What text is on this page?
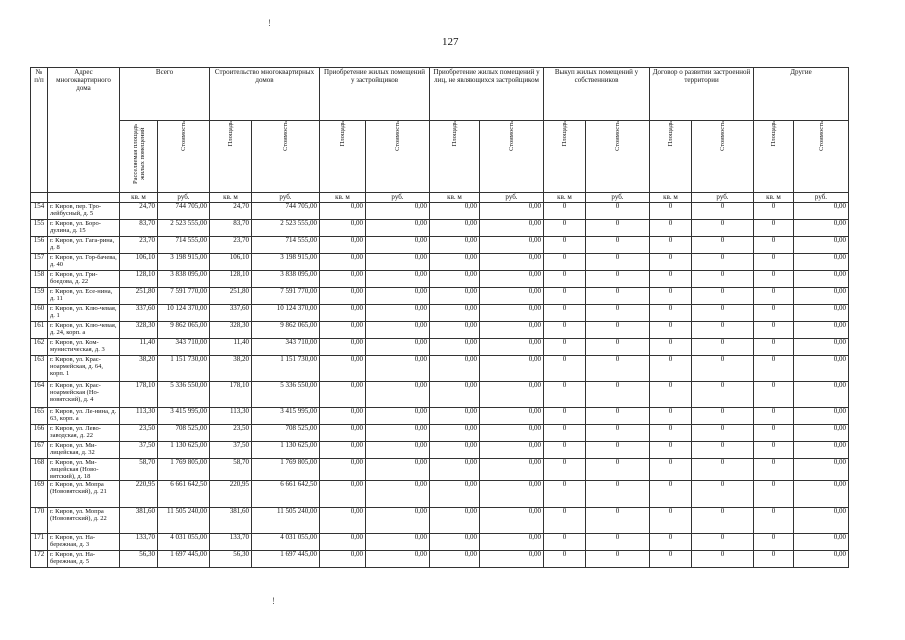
!
127
№ п/п	Адрес многоквартирного дома	Всего		Строительство многоквартирных домов		Приобретение жилых помещений у застройщиков		Приобретение жилых помещений у лиц, не являющихся застройщиком		Выкуп жилых помещений у собственников		Договор о развитии застроенной территории		Другие	
		Расселяемая площадь жилых помещений	Стоимость	Площадь	Стоимость	Площадь	Стоимость	Площадь	Стоимость	Площадь	Стоимость	Площадь	Стоимость	Площадь	Стоимость
		кв. м	руб.	кв. м	руб.	кв. м	руб.	кв. м	руб.	кв. м	руб.	кв. м	руб.	кв. м	руб.
154	г. Киров, пер. Тро-лейбусный, д. 5	24,70	744 705,00	24,70	744 705,00	0,00	0,00	0,00	0,00	0	0	0	0	0	0,00
155	г. Киров, ул. Боро-дулина, д. 15	83,70	2 523 555,00	83,70	2 523 555,00	0,00	0,00	0,00	0,00	0	0	0	0	0	0,00
156	г. Киров, ул. Гага-рина, д. 8	23,70	714 555,00	23,70	714 555,00	0,00	0,00	0,00	0,00	0	0	0	0	0	0,00
157	г. Киров, ул. Гор-бачева, д. 40	106,10	3 198 915,00	106,10	3 198 915,00	0,00	0,00	0,00	0,00	0	0	0	0	0	0,00
158	г. Киров, ул. Гри-боедова, д. 22	128,10	3 838 095,00	128,10	3 838 095,00	0,00	0,00	0,00	0,00	0	0	0	0	0	0,00
159	г. Киров, ул. Есе-нина, д. 11	251,80	7 591 770,00	251,80	7 591 770,00	0,00	0,00	0,00	0,00	0	0	0	0	0	0,00
160	г. Киров, ул. Клю-чевая, д. 1	337,60	10 124 370,00	337,60	10 124 370,00	0,00	0,00	0,00	0,00	0	0	0	0	0	0,00
161	г. Киров, ул. Клю-чевая, д. 24, корп. а	328,30	9 862 065,00	328,30	9 862 065,00	0,00	0,00	0,00	0,00	0	0	0	0	0	0,00
162	г. Киров, ул. Ком-мунистическая, д. 3	11,40	343 710,00	11,40	343 710,00	0,00	0,00	0,00	0,00	0	0	0	0	0	0,00
163	г. Киров, ул. Крас-ноармейская, д. 64, корп. 1	38,20	1 151 730,00	38,20	1 151 730,00	0,00	0,00	0,00	0,00	0	0	0	0	0	0,00
164	г. Киров, ул. Крас-ноармейская (Но-вовятский), д. 4	178,10	5 336 550,00	178,10	5 336 550,00	0,00	0,00	0,00	0,00	0	0	0	0	0	0,00
165	г. Киров, ул. Ле-нина, д. 63, корп. а	113,30	3 415 995,00	113,30	3 415 995,00	0,00	0,00	0,00	0,00	0	0	0	0	0	0,00
166	г. Киров, ул. Лево-заводская, д. 22	23,50	708 525,00	23,50	708 525,00	0,00	0,00	0,00	0,00	0	0	0	0	0	0,00
167	г. Киров, ул. Ми-лицейская, д. 32	37,50	1 130 625,00	37,50	1 130 625,00	0,00	0,00	0,00	0,00	0	0	0	0	0	0,00
168	г. Киров, ул. Ми-лицейская (Ново-вятский), д. 18	58,70	1 769 805,00	58,70	1 769 805,00	0,00	0,00	0,00	0,00	0	0	0	0	0	0,00
169	г. Киров, ул. Мопра (Нововятский), д. 21	220,95	6 661 642,50	220,95	6 661 642,50	0,00	0,00	0,00	0,00	0	0	0	0	0	0,00
170	г. Киров, ул. Мопра (Нововятский), д. 22	381,60	11 505 240,00	381,60	11 505 240,00	0,00	0,00	0,00	0,00	0	0	0	0	0	0,00
171	г. Киров, ул. На-бережная, д. 3	133,70	4 031 055,00	133,70	4 031 055,00	0,00	0,00	0,00	0,00	0	0	0	0	0	0,00
172	г. Киров, ул. На-бережная, д. 5	56,30	1 697 445,00	56,30	1 697 445,00	0,00	0,00	0,00	0,00	0	0	0	0	0	0,00
!
